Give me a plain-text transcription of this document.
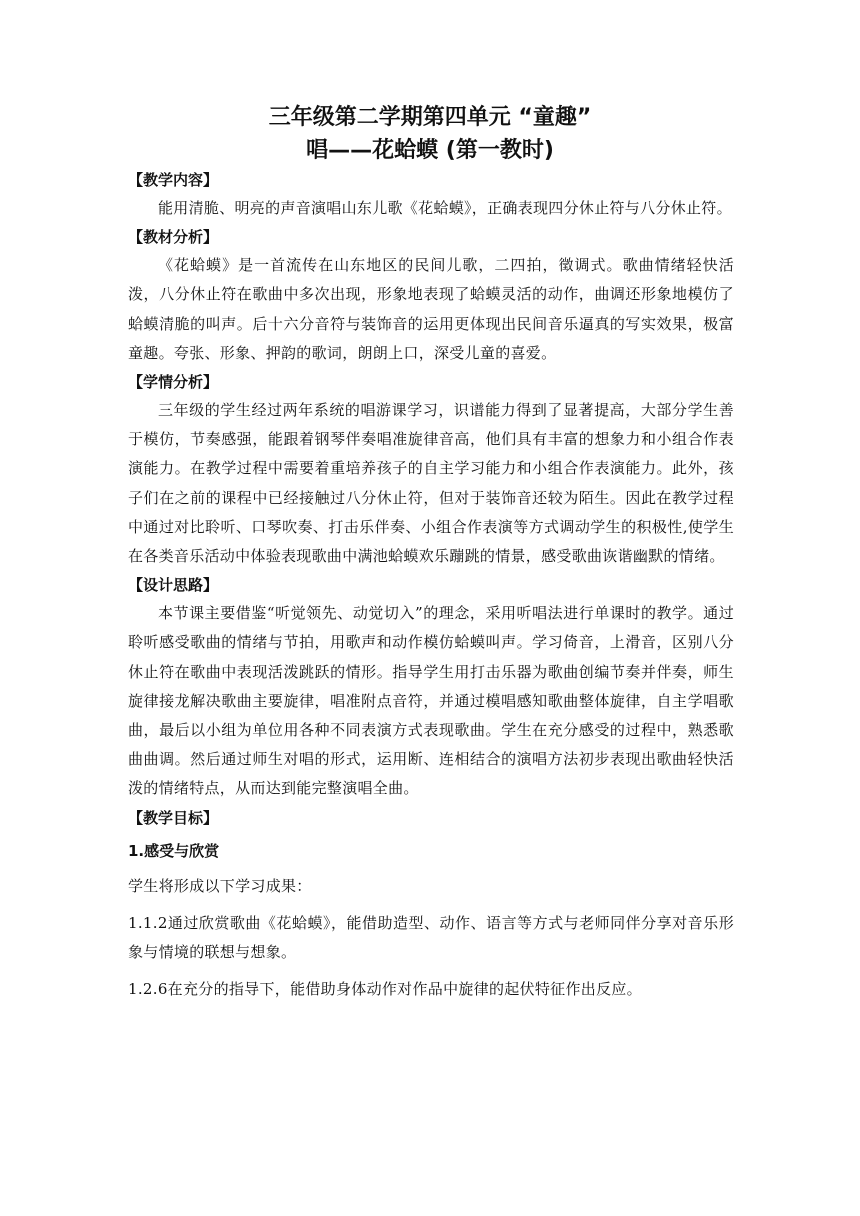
三年级第二学期第四单元 “童趣”
唱——花蛤蟆 (第一教时)
【教学内容】

能用清脆、明亮的声音演唱山东儿歌《花蛤蟆》，正确表现四分休止符与八分休止符。

【教材分析】

《花蛤蟆》是一首流传在山东地区的民间儿歌，二四拍，徵调式。歌曲情绪轻快活泼，八分休止符在歌曲中多次出现，形象地表现了蛤蟆灵活的动作，曲调还形象地模仿了蛤蟆清脆的叫声。后十六分音符与装饰音的运用更体现出民间音乐逼真的写实效果，极富童趣。夸张、形象、押韵的歌词，朗朗上口，深受儿童的喜爱。

【学情分析】

三年级的学生经过两年系统的唱游课学习，识谱能力得到了显著提高，大部分学生善于模仿，节奏感强，能跟着钢琴伴奏唱准旋律音高，他们具有丰富的想象力和小组合作表演能力。在教学过程中需要着重培养孩子的自主学习能力和小组合作表演能力。此外，孩子们在之前的课程中已经接触过八分休止符，但对于装饰音还较为陌生。因此在教学过程中通过对比聆听、口琴吹奏、打击乐伴奏、小组合作表演等方式调动学生的积极性,使学生在各类音乐活动中体验表现歌曲中满池蛤蟆欢乐蹦跳的情景，感受歌曲诙谐幽默的情绪。

【设计思路】

本节课主要借鉴“听觉领先、动觉切入”的理念，采用听唱法进行单课时的教学。通过聆听感受歌曲的情绪与节拍，用歌声和动作模仿蛤蟆叫声。学习倚音，上滑音，区别八分休止符在歌曲中表现活泼跳跃的情形。指导学生用打击乐器为歌曲创编节奏并伴奏，师生旋律接龙解决歌曲主要旋律，唱准附点音符，并通过模唱感知歌曲整体旋律，自主学唱歌曲，最后以小组为单位用各种不同表演方式表现歌曲。学生在充分感受的过程中，熟悉歌曲曲调。然后通过师生对唱的形式，运用断、连相结合的演唱方法初步表现出歌曲轻快活泼的情绪特点，从而达到能完整演唱全曲。

【教学目标】
1.感受与欣赏

学生将形成以下学习成果：

1.1.2通过欣赏歌曲《花蛤蟆》，能借助造型、动作、语言等方式与老师同伴分享对音乐形象与情境的联想与想象。

1.2.6在充分的指导下，能借助身体动作对作品中旋律的起伏特征作出反应。
